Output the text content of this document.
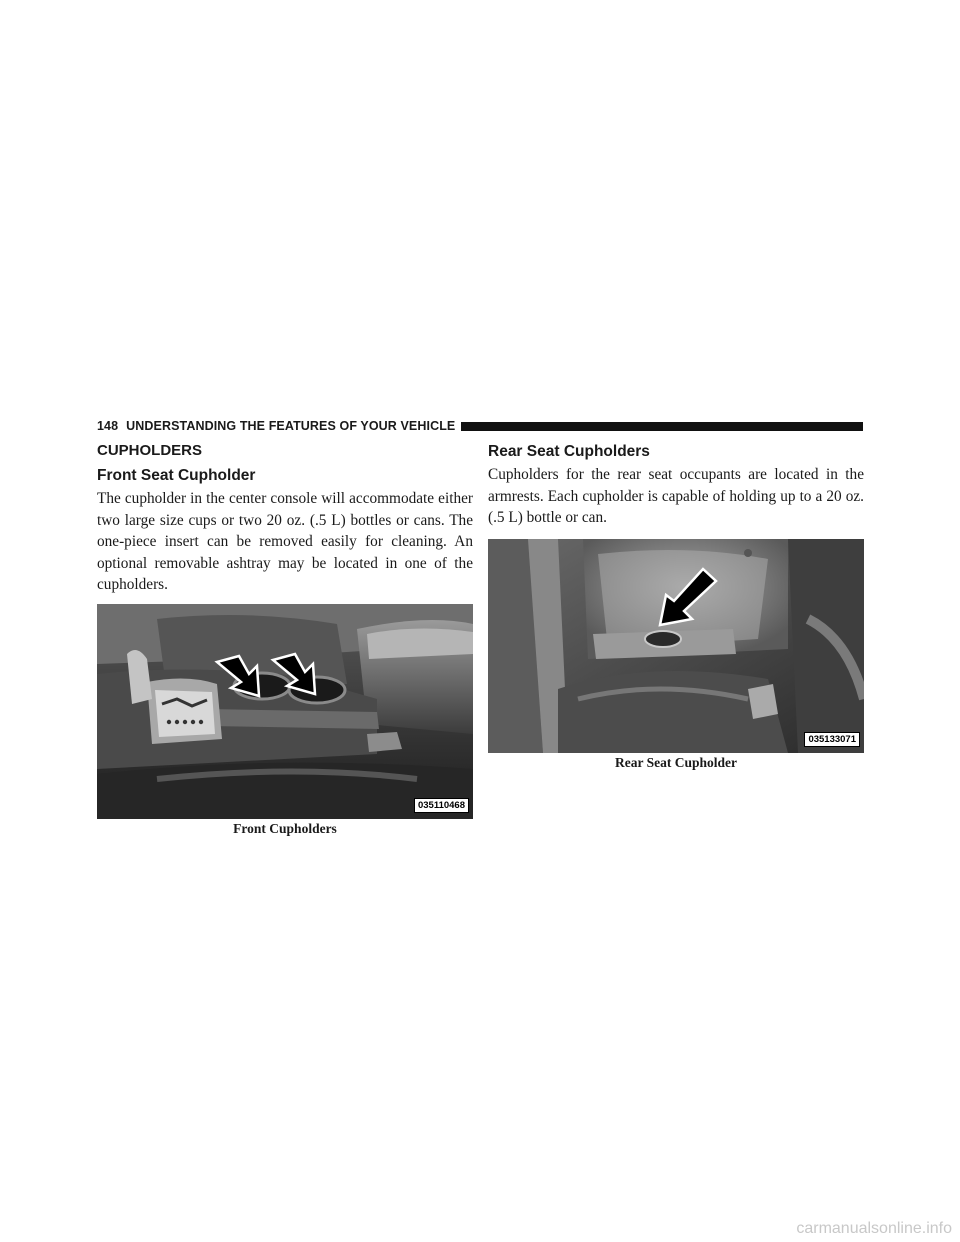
148 UNDERSTANDING THE FEATURES OF YOUR VEHICLE
CUPHOLDERS
Front Seat Cupholder

The cupholder in the center console will accommodate either two large size cups or two 20 oz. (.5 L) bottles or cans. The one-piece insert can be removed easily for cleaning. An optional removable ashtray may be located in one of the cupholders.

035110468
Front Cupholders
Rear Seat Cupholders

Cupholders for the rear seat occupants are located in the armrests. Each cupholder is capable of holding up to a 20 oz. (.5 L) bottle or can.

035133071
Rear Seat Cupholder
carmanualsonline.info
